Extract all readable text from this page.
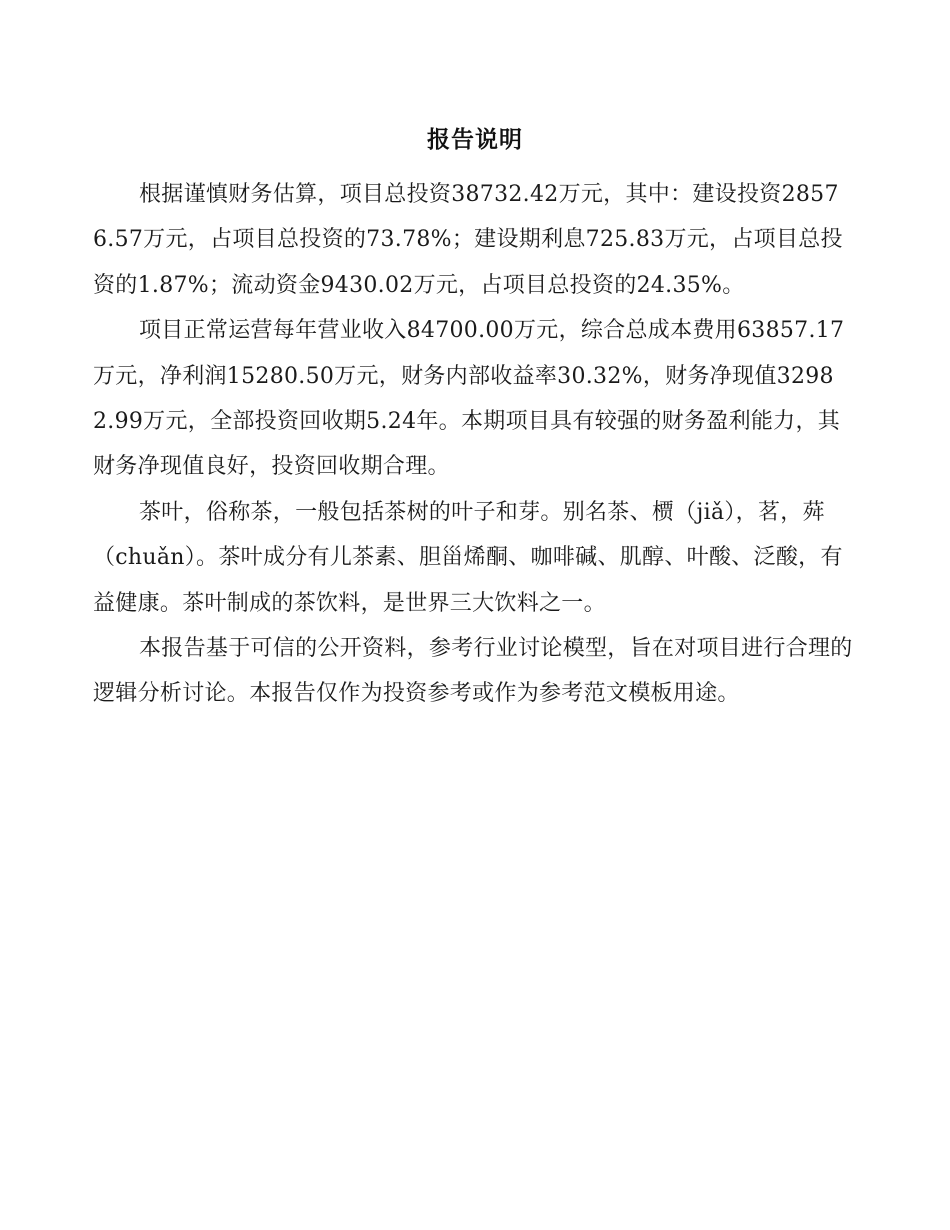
报告说明

根据谨慎财务估算，项目总投资38732.42万元，其中：建设投资28576.57万元，占项目总投资的73.78%；建设期利息725.83万元，占项目总投资的1.87%；流动资金9430.02万元，占项目总投资的24.35%。

项目正常运营每年营业收入84700.00万元，综合总成本费用63857.17万元，净利润15280.50万元，财务内部收益率30.32%，财务净现值32982.99万元，全部投资回收期5.24年。本期项目具有较强的财务盈利能力，其财务净现值良好，投资回收期合理。

茶叶，俗称茶，一般包括茶树的叶子和芽。别名茶、槚（jiǎ），茗，荈（chuǎn）。茶叶成分有儿茶素、胆甾烯酮、咖啡碱、肌醇、叶酸、泛酸，有益健康。茶叶制成的茶饮料，是世界三大饮料之一。

本报告基于可信的公开资料，参考行业讨论模型，旨在对项目进行合理的逻辑分析讨论。本报告仅作为投资参考或作为参考范文模板用途。
